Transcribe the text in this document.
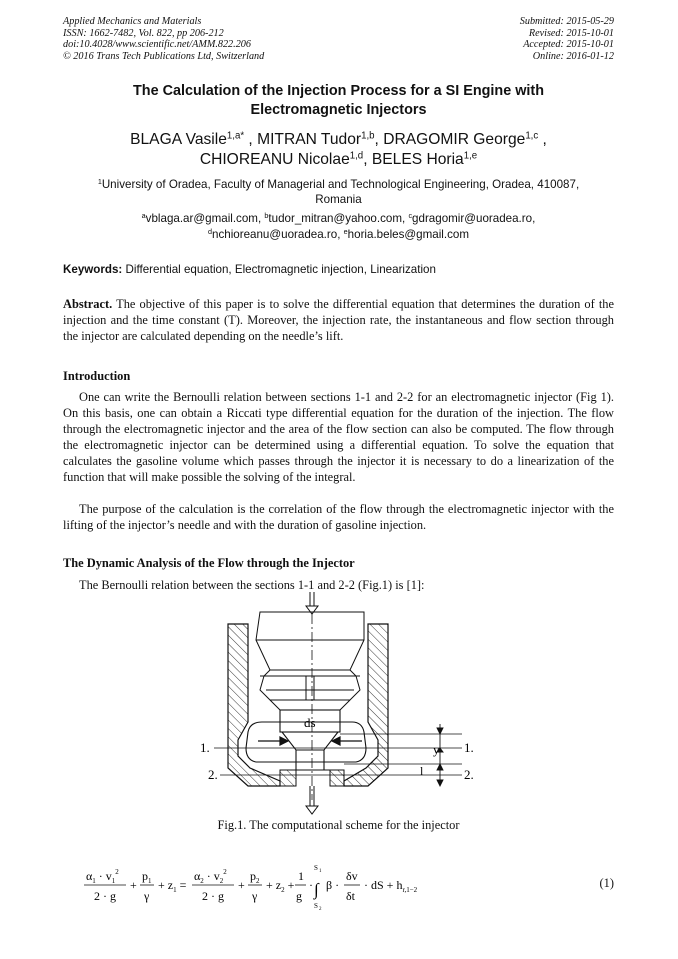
Applied Mechanics and Materials
ISSN: 1662-7482, Vol. 822, pp 206-212
doi:10.4028/www.scientific.net/AMM.822.206
© 2016 Trans Tech Publications Ltd, Switzerland
Submitted: 2015-05-29
Revised: 2015-10-01
Accepted: 2015-10-01
Online: 2016-01-12
The Calculation of the Injection Process for a SI Engine with
Electromagnetic Injectors
BLAGA Vasile$^{1,a*}$ , MITRAN Tudor$^{1,b}$, DRAGOMIR George$^{1,c}$ ,
CHIOREANU Nicolae$^{1,d}$, BELES Horia$^{1,e}$
$^1$University of Oradea, Faculty of Managerial and Technological Engineering, Oradea, 410087,
Romania
$^a$vblaga.ar@gmail.com, $^b$tudor_mitran@yahoo.com, $^c$gdragomir@uoradea.ro,
$^d$nchioreanu@uoradea.ro, $^e$horia.beles@gmail.com
Keywords: Differential equation, Electromagnetic injection, Linearization
Abstract. The objective of this paper is to solve the differential equation that determines the duration of the injection and the time constant (T). Moreover, the injection rate, the instantaneous and flow section through the injector are calculated depending on the needle’s lift.
Introduction
One can write the Bernoulli relation between sections 1-1 and 2-2 for an electromagnetic injector (Fig 1). On this basis, one can obtain a Riccati type differential equation for the duration of the injection. The flow through the electromagnetic injector and the area of the flow section can also be computed. The flow through the electromagnetic injector can be determined using a differential equation. To solve the equation that calculates the gasoline volume which passes through the injector it is necessary to do a linearization of the function that will make possible the solving of the integral.
The purpose of the calculation is the correlation of the flow through the electromagnetic injector with the lifting of the injector’s needle and with the duration of gasoline injection.
The Dynamic Analysis of the Flow through the Injector
The Bernoulli relation between the sections 1-1 and 2-2 (Fig.1) is [1]:
ds
1.
2.
1.
2.
y
l
Fig.1. The computational scheme for the injector
$\alpha_1 \cdot v_1^2$
2 · g
+
$p_1$
γ
+ $z_1$ =
$\alpha_2 \cdot v_2^2$
2 · g
+
$p_2$
γ
+ $z_2$ +
1
g
·
S 1
∫
S 2
β ·
δv
δt
· dS + $h_{r,1-2}$	(1)
